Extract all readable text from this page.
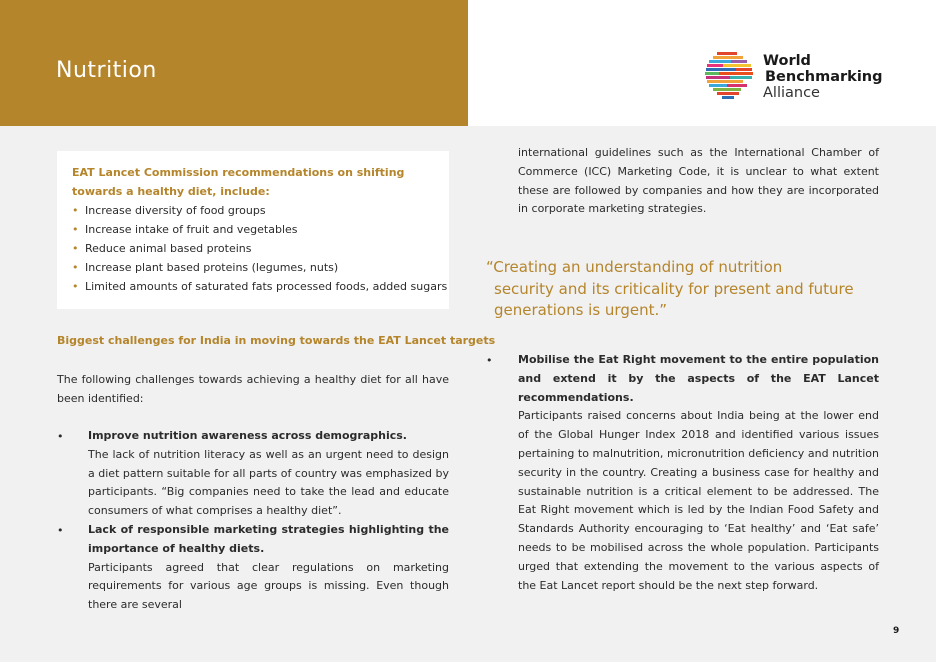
Nutrition	World
Benchmarking
Alliance
EAT Lancet Commission recommendations on shifting towards a healthy diet, include:
• Increase diversity of food groups
• Increase intake of fruit and vegetables
• Reduce animal based proteins
• Increase plant based proteins (legumes, nuts)
• Limited amounts of saturated fats processed foods, added sugars
Biggest challenges for India in moving towards the EAT Lancet targets
The following challenges towards achieving a healthy diet for all have been identified:
• Improve nutrition awareness across demographics.
The lack of nutrition literacy as well as an urgent need to design a diet pattern suitable for all parts of country was emphasized by participants. “Big companies need to take the lead and educate consumers of what comprises a healthy diet”.
• Lack of responsible marketing strategies highlighting the importance of healthy diets.
Participants agreed that clear regulations on marketing requirements for various age groups is missing. Even though there are several
international guidelines such as the International Chamber of Commerce (ICC) Marketing Code, it is unclear to what extent these are followed by companies and how they are incorporated in corporate marketing strategies.
“Creating an understanding of nutrition
security and its criticality for present and future
generations is urgent.”
• Mobilise the Eat Right movement to the entire population and extend it by the aspects of the EAT Lancet recommendations.
Participants raised concerns about India being at the lower end of the Global Hunger Index 2018 and identified various issues pertaining to malnutrition, micronutrition deficiency and nutrition security in the country. Creating a business case for healthy and sustainable nutrition is a critical element to be addressed. The Eat Right movement which is led by the Indian Food Safety and Standards Authority encouraging to ‘Eat healthy’ and ‘Eat safe’ needs to be mobilised across the whole population. Participants urged that extending the movement to the various aspects of the Eat Lancet report should be the next step forward.
9
